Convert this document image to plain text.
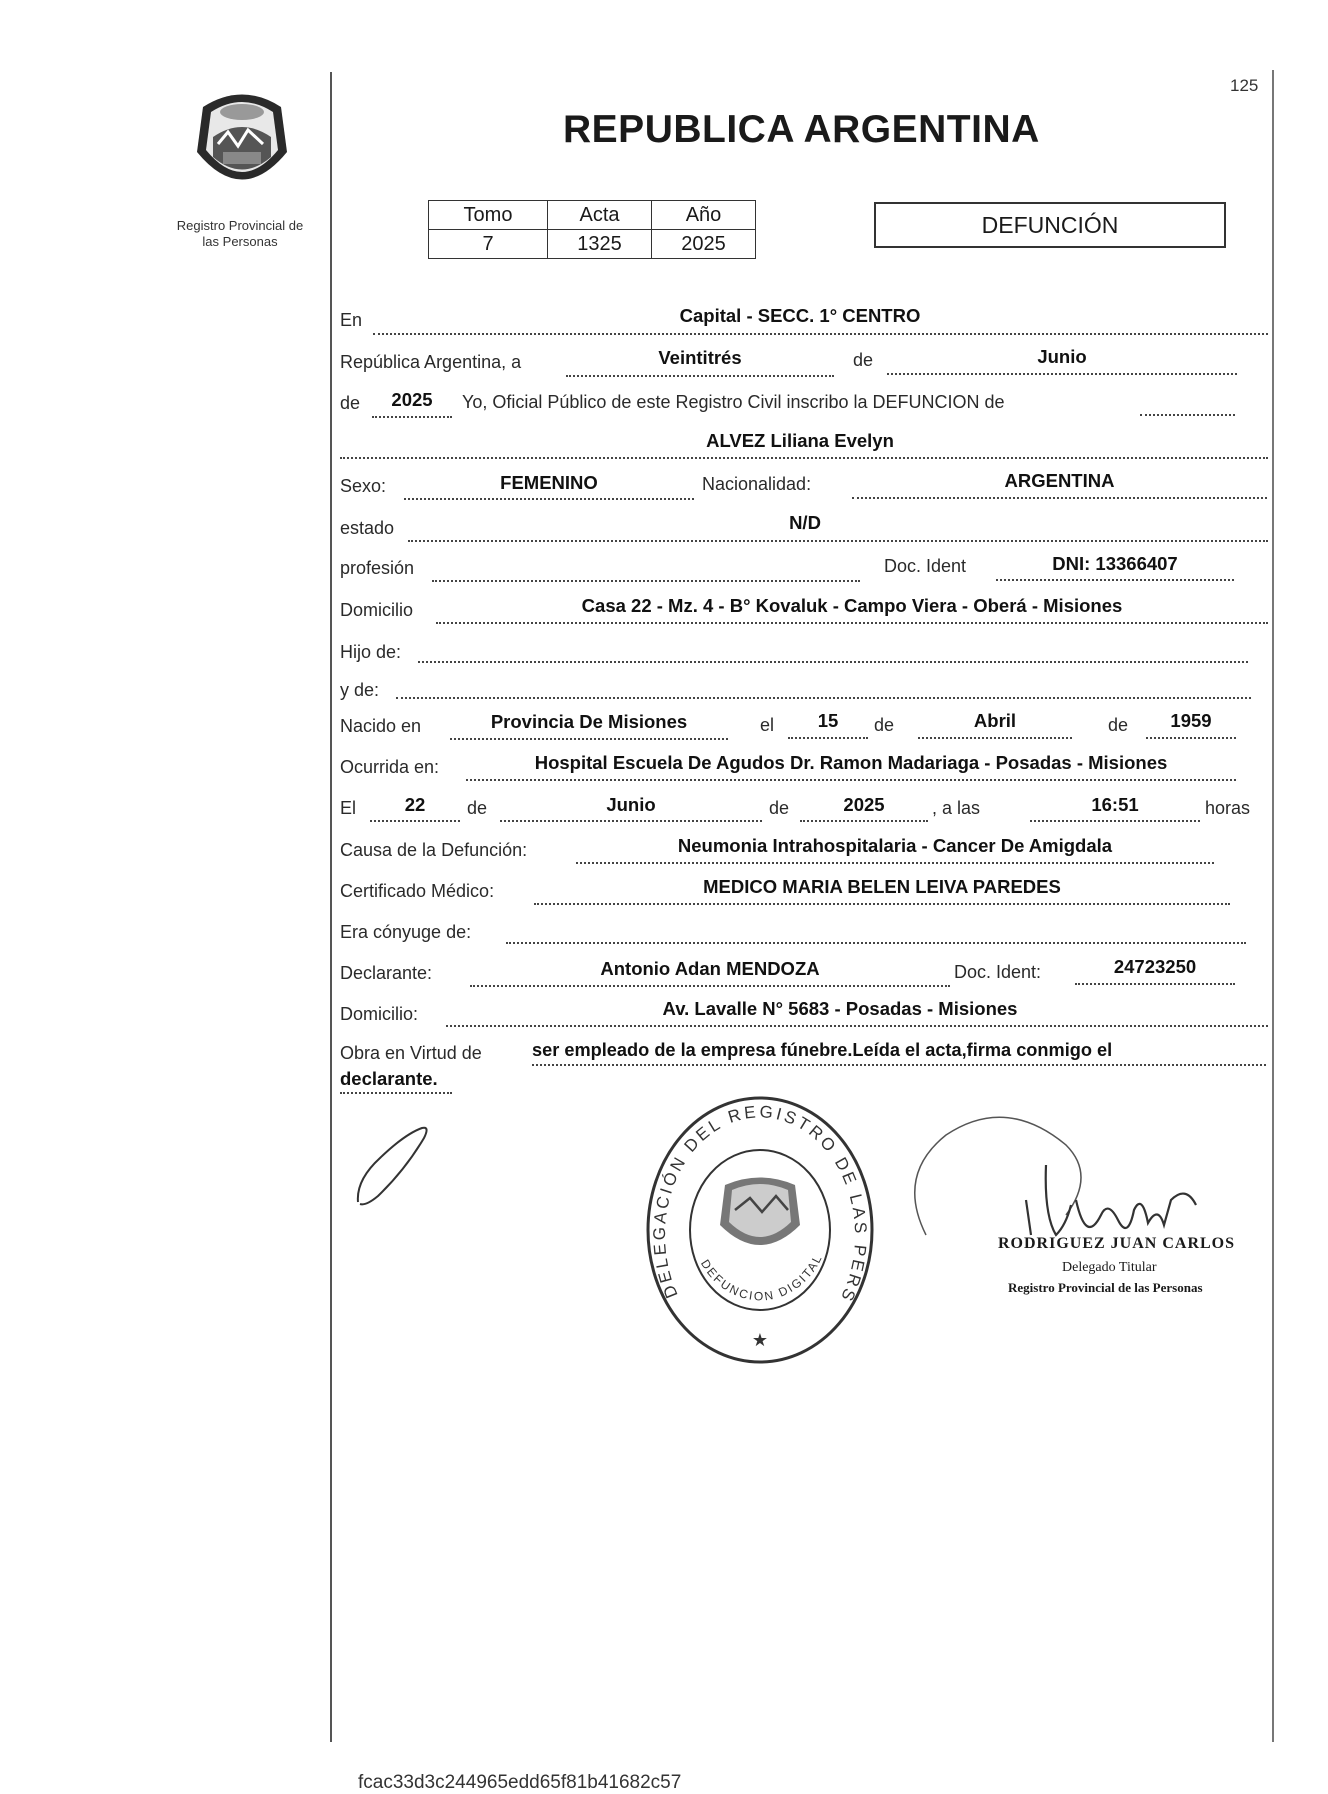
Registro Provincial de
las Personas
125
REPUBLICA ARGENTINA
Tomo	Acta	Año
7	1325	2025
DEFUNCIÓN
En	Capital - SECC. 1° CENTRO
República Argentina, a	Veintitrés	de	Junio
de	2025	Yo, Oficial Público de este Registro Civil inscribo la DEFUNCION de
ALVEZ Liliana Evelyn
Sexo:	FEMENINO	Nacionalidad:	ARGENTINA
estado	N/D
profesión	Doc. Ident	DNI: 13366407
Domicilio	Casa 22 - Mz. 4 - B° Kovaluk - Campo Viera - Oberá - Misiones
Hijo de:
y de:
Nacido en	Provincia De Misiones	el	15	de	Abril	de	1959
Ocurrida en:	Hospital Escuela De Agudos Dr. Ramon Madariaga - Posadas - Misiones
El	22	de	Junio	de	2025	, a las	16:51	horas
Causa de la Defunción:	Neumonia Intrahospitalaria - Cancer De Amigdala
Certificado Médico:	MEDICO MARIA BELEN LEIVA PAREDES
Era cónyuge de:
Declarante:	Antonio Adan MENDOZA	Doc. Ident:	24723250
Domicilio:	Av. Lavalle N° 5683 - Posadas - Misiones
Obra en Virtud de	ser empleado de la empresa fúnebre.Leída el acta,firma conmigo el
declarante.
DELEGACIÓN DEL REGISTRO DE LAS PERS
DEFUNCION DIGITAL
★
RODRIGUEZ JUAN CARLOS
Delegado Titular
Registro Provincial de las Personas
fcac33d3c244965edd65f81b41682c57
